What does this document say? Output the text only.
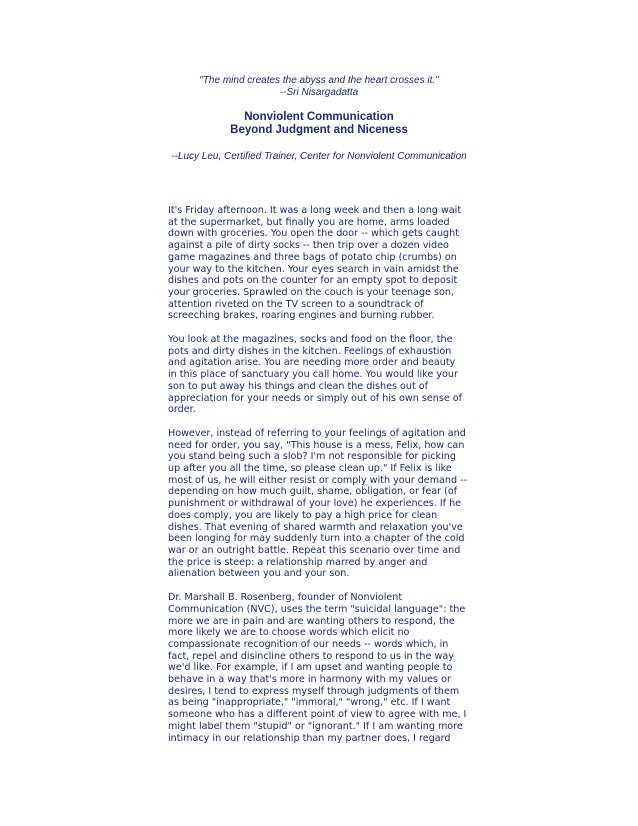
"The mind creates the abyss and the heart crosses it."
--Sri Nisargadatta
Nonviolent Communication
Beyond Judgment and Niceness
--Lucy Leu, Certified Trainer, Center for Nonviolent Communication

It's Friday afternoon. It was a long week and then a long wait
at the supermarket, but finally you are home, arms loaded
down with groceries. You open the door -- which gets caught
against a pile of dirty socks -- then trip over a dozen video
game magazines and three bags of potato chip (crumbs) on
your way to the kitchen. Your eyes search in vain amidst the
dishes and pots on the counter for an empty spot to deposit
your groceries. Sprawled on the couch is your teenage son,
attention riveted on the TV screen to a soundtrack of
screeching brakes, roaring engines and burning rubber.

You look at the magazines, socks and food on the floor, the
pots and dirty dishes in the kitchen. Feelings of exhaustion
and agitation arise. You are needing more order and beauty
in this place of sanctuary you call home. You would like your
son to put away his things and clean the dishes out of
appreciation for your needs or simply out of his own sense of
order.

However, instead of referring to your feelings of agitation and
need for order, you say, "This house is a mess, Felix, how can
you stand being such a slob? I'm not responsible for picking
up after you all the time, so please clean up." If Felix is like
most of us, he will either resist or comply with your demand --
depending on how much guilt, shame, obligation, or fear (of
punishment or withdrawal of your love) he experiences. If he
does comply, you are likely to pay a high price for clean
dishes. That evening of shared warmth and relaxation you've
been longing for may suddenly turn into a chapter of the cold
war or an outright battle. Repeat this scenario over time and
the price is steep: a relationship marred by anger and
alienation between you and your son.

Dr. Marshall B. Rosenberg, founder of Nonviolent
Communication (NVC), uses the term "suicidal language": the
more we are in pain and are wanting others to respond, the
more likely we are to choose words which elicit no
compassionate recognition of our needs -- words which, in
fact, repel and disincline others to respond to us in the way
we'd like. For example, if I am upset and wanting people to
behave in a way that's more in harmony with my values or
desires, I tend to express myself through judgments of them
as being "inappropriate," "immoral," "wrong," etc. If I want
someone who has a different point of view to agree with me, I
might label them "stupid" or "ignorant." If I am wanting more
intimacy in our relationship than my partner does, I regard
